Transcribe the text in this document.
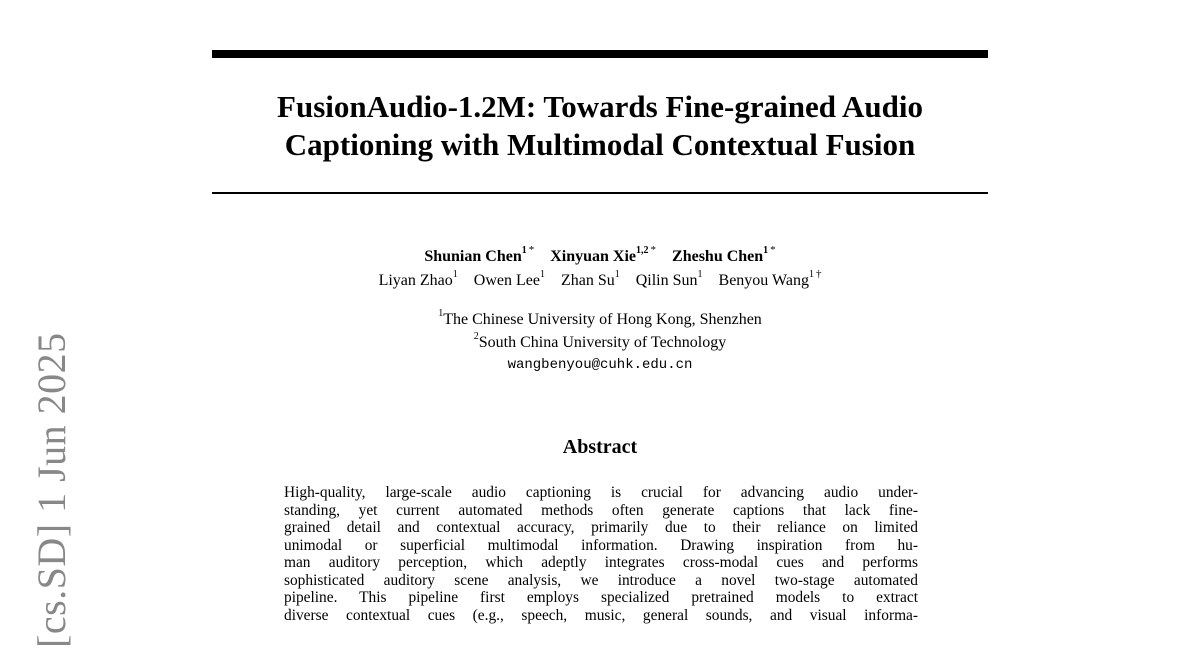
FusionAudio-1.2M: Towards Fine-grained Audio
Captioning with Multimodal Contextual Fusion
Shunian Chen$^1$ * Xinyuan Xie$^{1,2}$ * Zheshu Chen$^1$ *
Liyan Zhao$^1$ Owen Lee$^1$ Zhan Su$^1$ Qilin Sun$^1$ Benyou Wang$^1$ †
$^1$The Chinese University of Hong Kong, Shenzhen
$^2$South China University of Technology
wangbenyou@cuhk.edu.cn
Abstract
High-quality, large-scale audio captioning is crucial for advancing audio under-
standing, yet current automated methods often generate captions that lack fine-
grained detail and contextual accuracy, primarily due to their reliance on limited
unimodal or superficial multimodal information. Drawing inspiration from hu-
man auditory perception, which adeptly integrates cross-modal cues and performs
sophisticated auditory scene analysis, we introduce a novel two-stage automated
pipeline. This pipeline first employs specialized pretrained models to extract
diverse contextual cues (e.g., speech, music, general sounds, and visual informa-
[cs.SD] 1 Jun 2025
